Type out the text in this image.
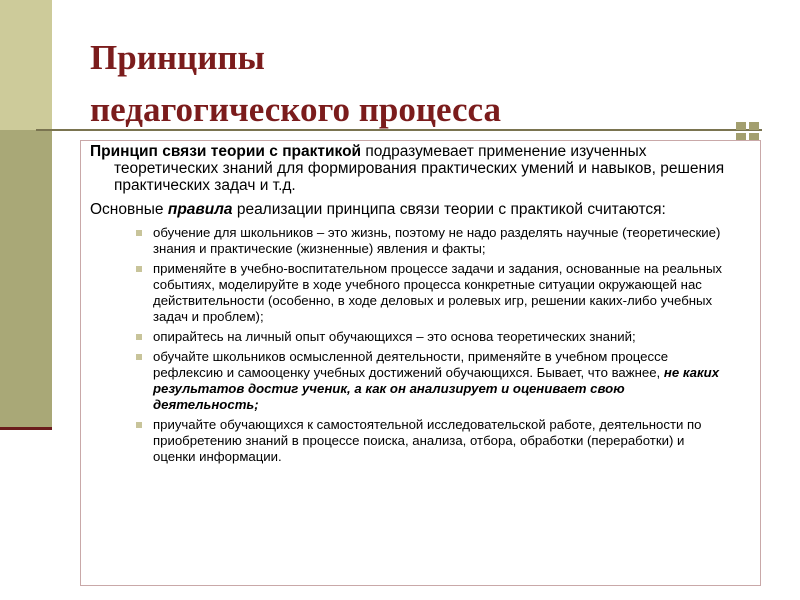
Принципы
педагогического процесса

Принцип связи теории с практикой подразумевает применение изученных теоретических знаний для формирования практических умений и навыков, решения практических задач и т.д.

Основные правила реализации принципа связи теории с практикой считаются:

обучение для школьников – это жизнь, поэтому не надо разделять научные (теоретические) знания и практические (жизненные) явления и факты;
применяйте в учебно-воспитательном процессе задачи и задания, основанные на реальных событиях, моделируйте в ходе учебного процесса конкретные ситуации окружающей нас действительности (особенно, в ходе деловых и ролевых игр, решении каких-либо учебных задач и проблем);
опирайтесь на личный опыт обучающихся – это основа теоретических знаний;
обучайте школьников осмысленной деятельности, применяйте в учебном процессе рефлексию и самооценку учебных достижений обучающихся. Бывает, что важнее, не каких результатов достиг ученик, а как он анализирует и оценивает свою деятельность;
приучайте обучающихся к самостоятельной исследовательской работе, деятельности по приобретению знаний в процессе поиска, анализа, отбора, обработки (переработки) и оценки информации.
